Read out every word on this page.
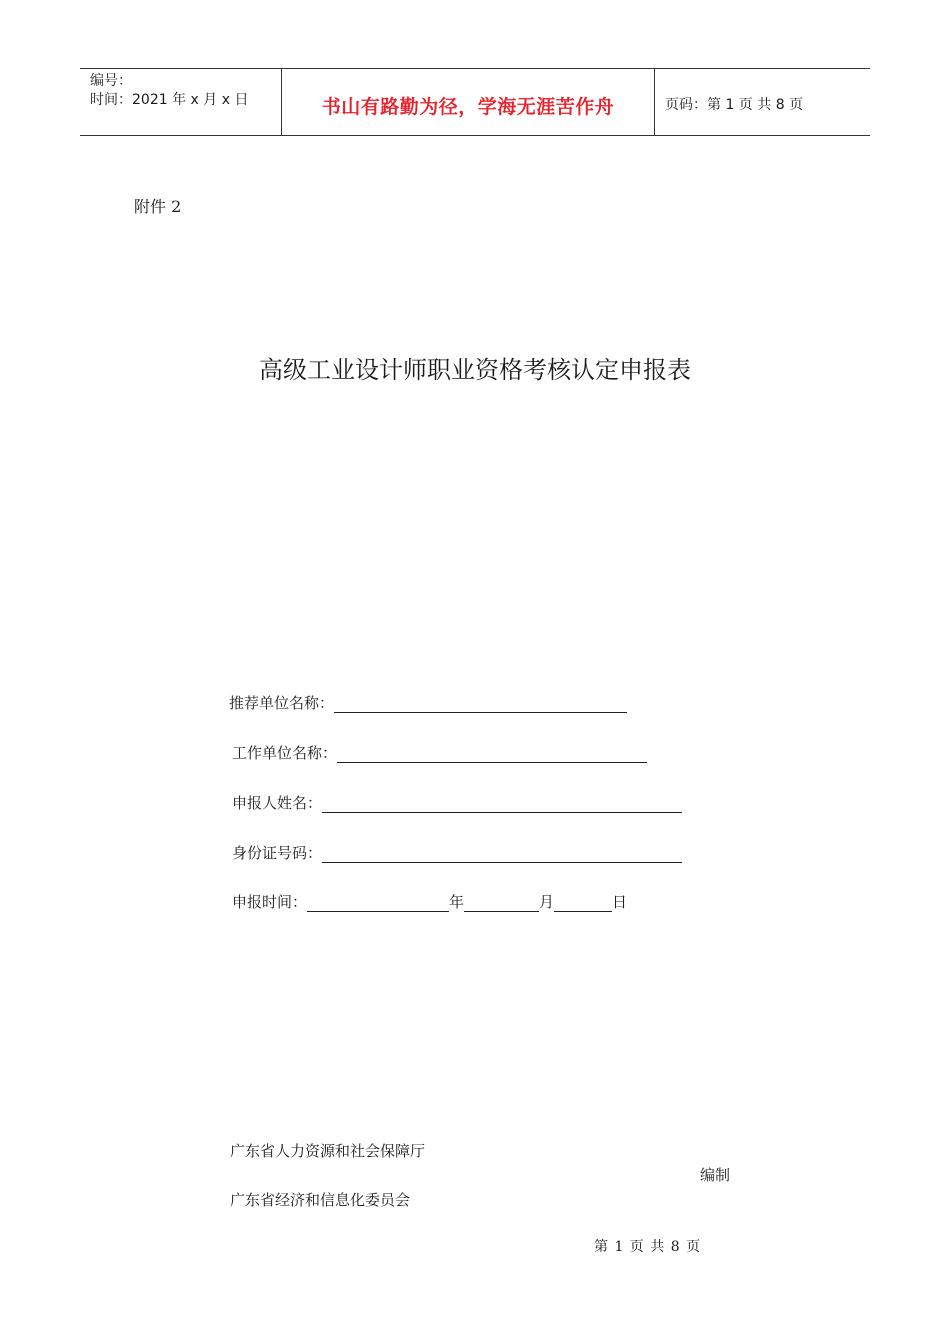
编号：
时间：2021 年 x 月 x 日	书山有路勤为径，学海无涯苦作舟	页码：第 1 页 共 8 页
附件 2
高级工业设计师职业资格考核认定申报表
推荐单位名称：
工作单位名称：
申报人姓名：
身份证号码：
申报时间：	年	月	日
广东省人力资源和社会保障厅
编制
广东省经济和信息化委员会
第 1 页 共 8 页
